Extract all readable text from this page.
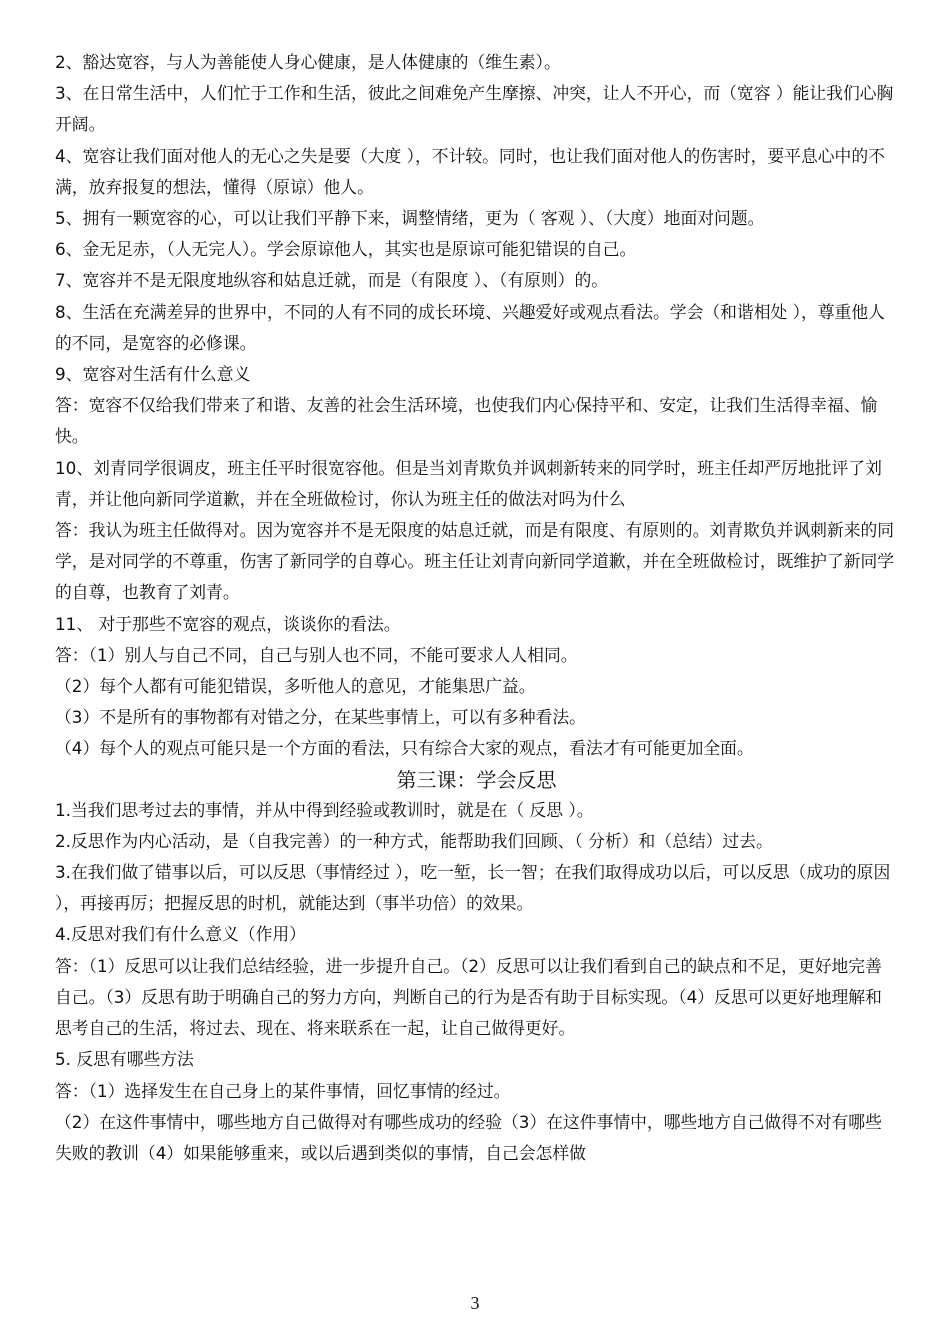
2、豁达宽容，与人为善能使人身心健康，是人体健康的（维生素）。
3、在日常生活中，人们忙于工作和生活，彼此之间难免产生摩擦、冲突，让人不开心，而（宽容 ）能让我们心胸开阔。
4、宽容让我们面对他人的无心之失是要（大度 ），不计较。同时，也让我们面对他人的伤害时，要平息心中的不满，放弃报复的想法，懂得（原谅）他人。
5、拥有一颗宽容的心，可以让我们平静下来，调整情绪，更为（ 客观 ）、（大度）地面对问题。
6、金无足赤，（人无完人）。学会原谅他人，其实也是原谅可能犯错误的自己。
7、宽容并不是无限度地纵容和姑息迁就，而是（有限度 ）、（有原则）的。
8、生活在充满差异的世界中，不同的人有不同的成长环境、兴趣爱好或观点看法。学会（和谐相处 ），尊重他人的不同，是宽容的必修课。
9、宽容对生活有什么意义
答：宽容不仅给我们带来了和谐、友善的社会生活环境，也使我们内心保持平和、安定，让我们生活得幸福、愉快。
10、刘青同学很调皮，班主任平时很宽容他。但是当刘青欺负并讽刺新转来的同学时，班主任却严厉地批评了刘青，并让他向新同学道歉，并在全班做检讨，你认为班主任的做法对吗为什么
答：我认为班主任做得对。因为宽容并不是无限度的姑息迁就，而是有限度、有原则的。刘青欺负并讽刺新来的同学，是对同学的不尊重，伤害了新同学的自尊心。班主任让刘青向新同学道歉，并在全班做检讨，既维护了新同学的自尊，也教育了刘青。
11、 对于那些不宽容的观点，谈谈你的看法。
答：（1）别人与自己不同，自己与别人也不同，不能可要求人人相同。
（2）每个人都有可能犯错误，多听他人的意见，才能集思广益。
（3）不是所有的事物都有对错之分，在某些事情上，可以有多种看法。
（4）每个人的观点可能只是一个方面的看法，只有综合大家的观点，看法才有可能更加全面。
第三课：学会反思
1.当我们思考过去的事情，并从中得到经验或教训时，就是在（ 反思 ）。
2.反思作为内心活动，是（自我完善）的一种方式，能帮助我们回顾、（ 分析）和（总结）过去。
3.在我们做了错事以后，可以反思（事情经过 ），吃一堑，长一智；在我们取得成功以后，可以反思（成功的原因 ），再接再厉；把握反思的时机，就能达到（事半功倍）的效果。
4.反思对我们有什么意义（作用）
答：（1）反思可以让我们总结经验，进一步提升自己。（2）反思可以让我们看到自己的缺点和不足，更好地完善自己。（3）反思有助于明确自己的努力方向，判断自己的行为是否有助于目标实现。（4）反思可以更好地理解和思考自己的生活，将过去、现在、将来联系在一起，让自己做得更好。
5. 反思有哪些方法
答：（1）选择发生在自己身上的某件事情，回忆事情的经过。
（2）在这件事情中，哪些地方自己做得对有哪些成功的经验（3）在这件事情中，哪些地方自己做得不对有哪些失败的教训（4）如果能够重来，或以后遇到类似的事情，自己会怎样做
3
